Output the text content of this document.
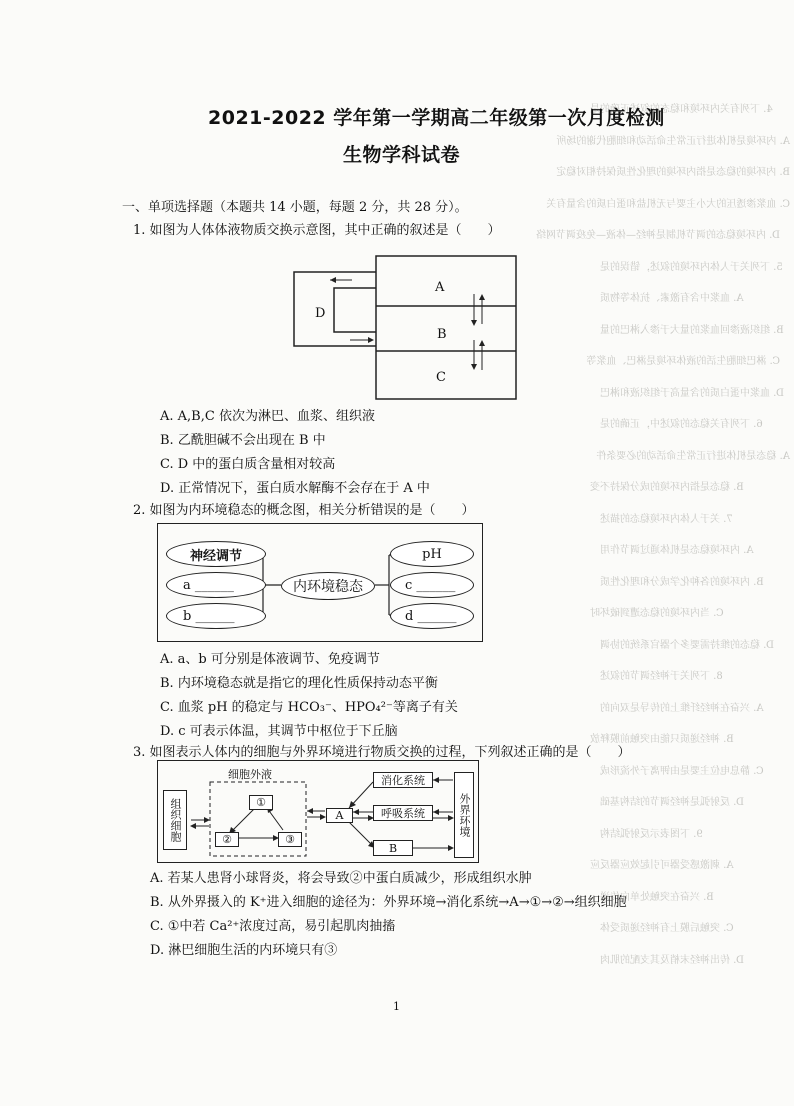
4. 下列有关内环境和稳态的叙述正确的是
A. 内环境是机体进行正常生命活动和细胞代谢的场所
B. 内环境的稳态是指内环境的理化性质保持相对稳定
C. 血浆渗透压的大小主要与无机盐和蛋白质的含量有关
D. 内环境稳态的调节机制是神经—体液—免疫调节网络
5. 下列关于人体内环境的叙述，错误的是
A. 血浆中含有激素、抗体等物质
B. 组织液渗回血浆的量大于渗入淋巴的量
C. 淋巴细胞生活的液体环境是淋巴、血浆等
D. 血浆中蛋白质的含量高于组织液和淋巴
6. 下列有关稳态的叙述中，正确的是
A. 稳态是机体进行正常生命活动的必要条件
B. 稳态是指内环境的成分保持不变
7. 关于人体内环境稳态的描述
A. 内环境稳态是机体通过调节作用
B. 内环境的各种化学成分和理化性质
C. 当内环境的稳态遭到破坏时
D. 稳态的维持需要多个器官系统的协调
8. 下列关于神经调节的叙述
A. 兴奋在神经纤维上的传导是双向的
B. 神经递质只能由突触前膜释放
C. 静息电位主要是由钾离子外流形成
D. 反射弧是神经调节的结构基础
9. 下图表示反射弧结构
A. 刺激感受器可引起效应器反应
B. 兴奋在突触处单向传递
C. 突触后膜上有神经递质受体
D. 传出神经末梢及其支配的肌肉
2021-2022 学年第一学期高二年级第一次月度检测
生物学科试卷
一、单项选择题（本题共 14 小题，每题 2 分，共 28 分）。
1. 如图为人体体液物质交换示意图，其中正确的叙述是（　　）
A
B
C
D
A. A,B,C 依次为淋巴、血浆、组织液
B. 乙酰胆碱不会出现在 B 中
C. D 中的蛋白质含量相对较高
D. 正常情况下，蛋白质水解酶不会存在于 A 中
2. 如图为内环境稳态的概念图，相关分析错误的是（　　）
神经调节
a ______
b ______
内环境稳态
pH
c ______
d ______
A. a、b 可分别是体液调节、免疫调节
B. 内环境稳态就是指它的理化性质保持动态平衡
C. 血浆 pH 的稳定与 HCO₃⁻、HPO₄²⁻等离子有关
D. c 可表示体温，其调节中枢位于下丘脑
3. 如图表示人体内的细胞与外界环境进行物质交换的过程，下列叙述正确的是（　　）
组织细胞
细胞外液
①
②	③
A
消化系统
呼吸系统
B
外界环境
A. 若某人患肾小球肾炎，将会导致②中蛋白质减少，形成组织水肿
B. 从外界摄入的 K⁺进入细胞的途径为：外界环境→消化系统→A→①→②→组织细胞
C. ①中若 Ca²⁺浓度过高，易引起肌肉抽搐
D. 淋巴细胞生活的内环境只有③
1
